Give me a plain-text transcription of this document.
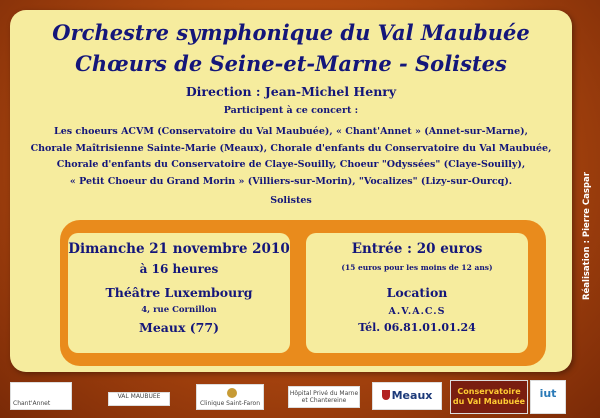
Orchestre symphonique du Val Maubuée
Chœurs de Seine-et-Marne - Solistes
Direction : Jean-Michel Henry
Participent à ce concert :
Les choeurs ACVM (Conservatoire du Val Maubuée), « Chant'Annet » (Annet-sur-Marne),
Chorale Maîtrisienne Sainte-Marie (Meaux), Chorale d'enfants du Conservatoire du Val Maubuée,
Chorale d'enfants du Conservatoire de Claye-Souilly, Choeur "Odyssées" (Claye-Souilly),
« Petit Choeur du Grand Morin » (Villiers-sur-Morin), "Vocalizes" (Lizy-sur-Ourcq).
Solistes
Dimanche 21 novembre 2010
à 16 heures
Théâtre Luxembourg
4, rue Cornillon
Meaux (77)
Entrée : 20 euros
(15 euros pour les moins de 12 ans)
Location
A.V.A.C.S
Tél. 06.81.01.01.24
Réalisation : Pierre Caspar
Chant'Annet
VAL MAUBUÉE
Clinique Saint-Faron
Hôpital Privé du Marne et Chantereine	Meaux	Conservatoire
du Val Maubuée
iut
